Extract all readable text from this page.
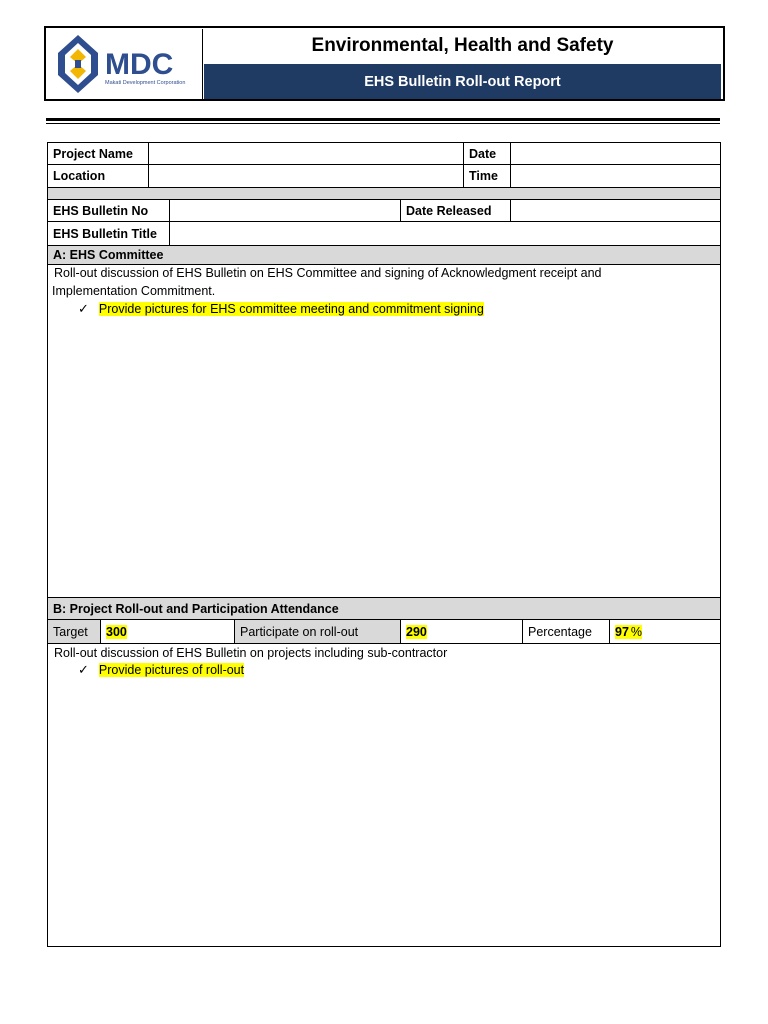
MDC
Makati Development Corporation
Environmental, Health and Safety
EHS Bulletin Roll-out Report
Project Name	Date
Location	Time
EHS Bulletin No	Date Released
EHS Bulletin Title
A: EHS Committee
Roll-out discussion of EHS Bulletin on EHS Committee and signing of Acknowledgment receipt and
Implementation Commitment.
✓ Provide pictures for EHS committee meeting and commitment signing
B: Project Roll-out and Participation Attendance
Target	300	Participate on roll-out	290	Percentage	97 %
Roll-out discussion of EHS Bulletin on projects including sub-contractor
✓ Provide pictures of roll-out
